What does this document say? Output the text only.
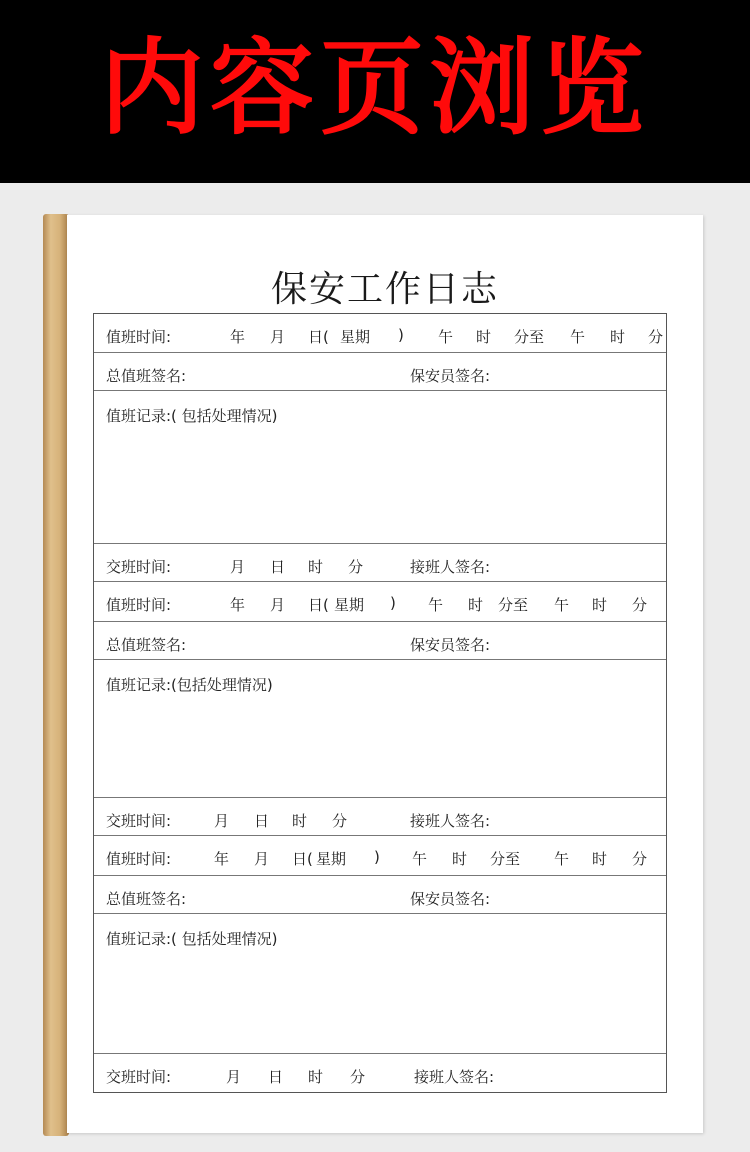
内容页浏览
保安工作日志
值班时间:	年 月 日( 星期 ) 午 时 分至 午 时 分
总值班签名:	保安员签名:
值班记录:( 包括处理情况)
交班时间:	月 日 时 分	接班人签名:
值班时间:	年 月 日( 星期 ) 午 时 分至 午 时 分
总值班签名:	保安员签名:
值班记录:(包括处理情况)
交班时间:	月 日 时 分	接班人签名:
值班时间:	年 月 日( 星期 ) 午 时 分至 午 时 分
总值班签名:	保安员签名:
值班记录:( 包括处理情况)
交班时间:	月 日 时 分	接班人签名:
